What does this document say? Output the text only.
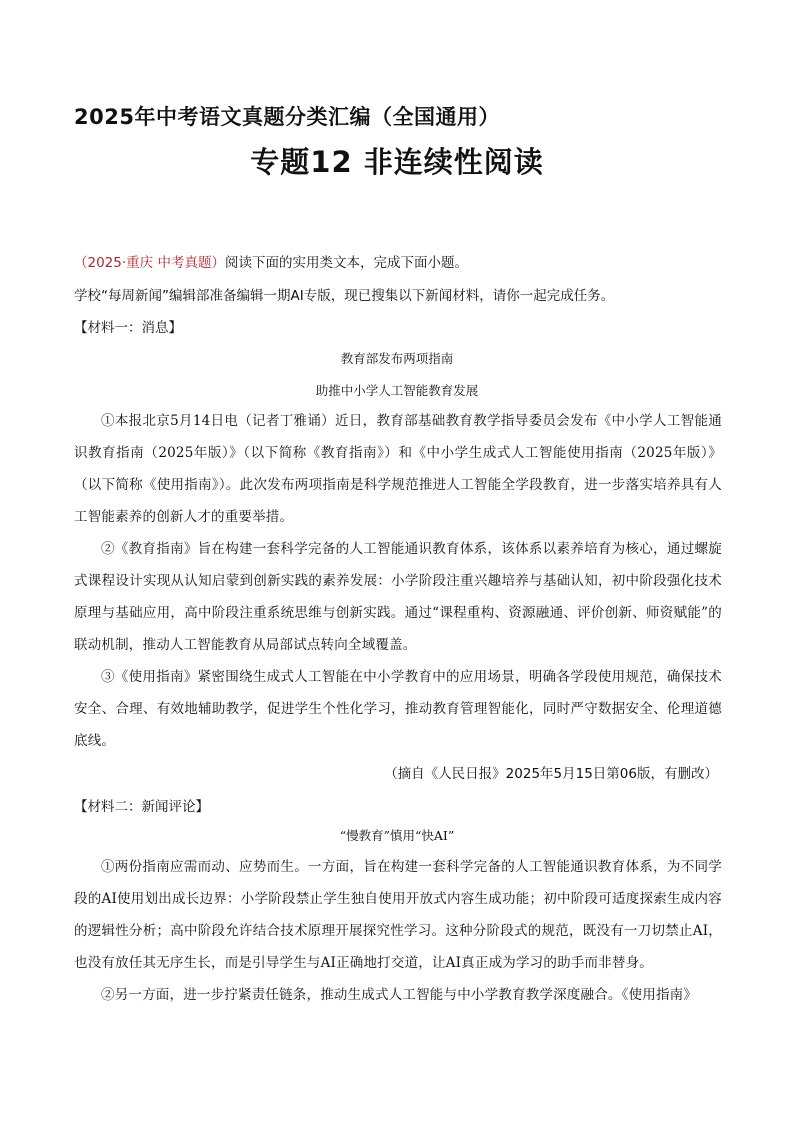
2025年中考语文真题分类汇编（全国通用）
专题12 非连续性阅读
（2025·重庆 中考真题）阅读下面的实用类文本，完成下面小题。
学校“每周新闻”编辑部准备编辑一期AI专版，现已搜集以下新闻材料，请你一起完成任务。
【材料一：消息】
教育部发布两项指南
助推中小学人工智能教育发展

①本报北京5月14日电（记者丁雅诵）近日，教育部基础教育教学指导委员会发布《中小学人工智能通识教育指南（2025年版）》（以下简称《教育指南》）和《中小学生成式人工智能使用指南（2025年版）》（以下简称《使用指南》）。此次发布两项指南是科学规范推进人工智能全学段教育，进一步落实培养具有人工智能素养的创新人才的重要举措。

②《教育指南》旨在构建一套科学完备的人工智能通识教育体系，该体系以素养培育为核心，通过螺旋式课程设计实现从认知启蒙到创新实践的素养发展：小学阶段注重兴趣培养与基础认知，初中阶段强化技术原理与基础应用，高中阶段注重系统思维与创新实践。通过“课程重构、资源融通、评价创新、师资赋能”的联动机制，推动人工智能教育从局部试点转向全域覆盖。

③《使用指南》紧密围绕生成式人工智能在中小学教育中的应用场景，明确各学段使用规范，确保技术安全、合理、有效地辅助教学，促进学生个性化学习，推动教育管理智能化，同时严守数据安全、伦理道德底线。

（摘自《人民日报》2025年5月15日第06版，有删改）
【材料二：新闻评论】
“慢教育”慎用“快AI”

①两份指南应需而动、应势而生。一方面，旨在构建一套科学完备的人工智能通识教育体系，为不同学段的AI使用划出成长边界：小学阶段禁止学生独自使用开放式内容生成功能；初中阶段可适度探索生成内容的逻辑性分析；高中阶段允许结合技术原理开展探究性学习。这种分阶段式的规范，既没有一刀切禁止AI，也没有放任其无序生长，而是引导学生与AI正确地打交道，让AI真正成为学习的助手而非替身。

②另一方面，进一步拧紧责任链条，推动生成式人工智能与中小学教育教学深度融合。《使用指南》
